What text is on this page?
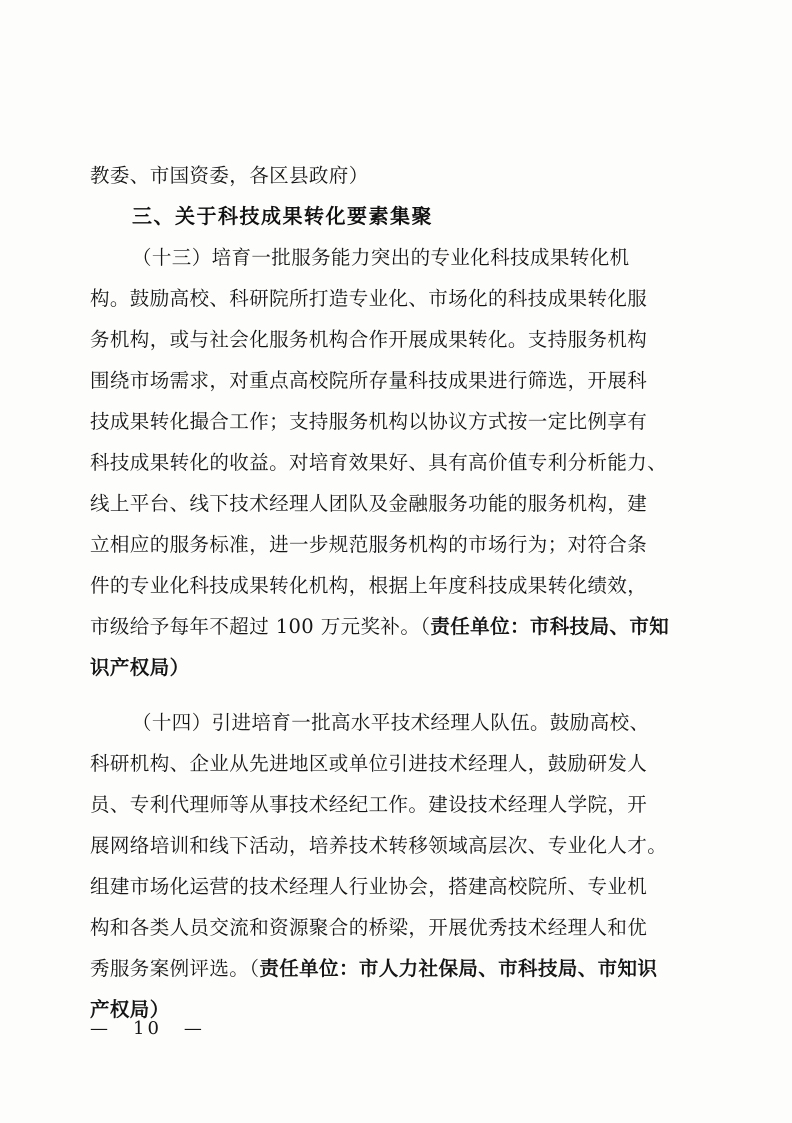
教委、市国资委，各区县政府）
三、关于科技成果转化要素集聚
（十三）培育一批服务能力突出的专业化科技成果转化机
构。鼓励高校、科研院所打造专业化、市场化的科技成果转化服
务机构，或与社会化服务机构合作开展成果转化。支持服务机构
围绕市场需求，对重点高校院所存量科技成果进行筛选，开展科
技成果转化撮合工作；支持服务机构以协议方式按一定比例享有
科技成果转化的收益。对培育效果好、具有高价值专利分析能力、
线上平台、线下技术经理人团队及金融服务功能的服务机构，建
立相应的服务标准，进一步规范服务机构的市场行为；对符合条
件的专业化科技成果转化机构，根据上年度科技成果转化绩效，
市级给予每年不超过 100 万元奖补。（责任单位：市科技局、市知
识产权局）
（十四）引进培育一批高水平技术经理人队伍。鼓励高校、
科研机构、企业从先进地区或单位引进技术经理人，鼓励研发人
员、专利代理师等从事技术经纪工作。建设技术经理人学院，开
展网络培训和线下活动，培养技术转移领域高层次、专业化人才。
组建市场化运营的技术经理人行业协会，搭建高校院所、专业机
构和各类人员交流和资源聚合的桥梁，开展优秀技术经理人和优
秀服务案例评选。（责任单位：市人力社保局、市科技局、市知识
产权局）
— 10 —
